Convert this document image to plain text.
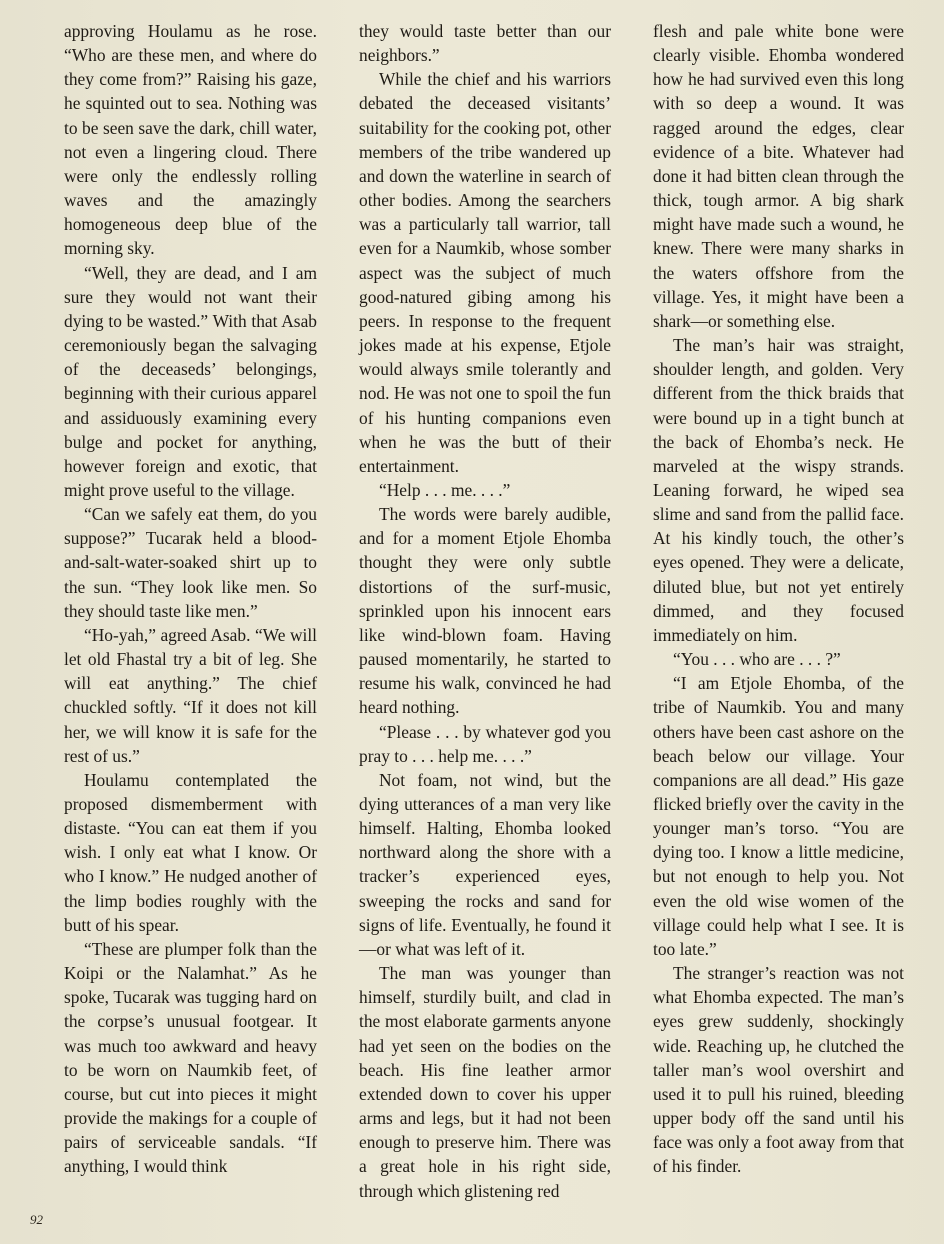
approving Houlamu as he rose. “Who are these men, and where do they come from?” Raising his gaze, he squinted out to sea. Nothing was to be seen save the dark, chill water, not even a lingering cloud. There were only the endlessly rolling waves and the amazingly homogeneous deep blue of the morning sky.

“Well, they are dead, and I am sure they would not want their dying to be wasted.” With that Asab ceremoniously began the salvaging of the deceaseds’ belongings, beginning with their curious apparel and assiduously examining every bulge and pocket for anything, however foreign and exotic, that might prove useful to the village.

“Can we safely eat them, do you suppose?” Tucarak held a blood-and-salt-water-soaked shirt up to the sun. “They look like men. So they should taste like men.”

“Ho-yah,” agreed Asab. “We will let old Fhastal try a bit of leg. She will eat anything.” The chief chuckled softly. “If it does not kill her, we will know it is safe for the rest of us.”

Houlamu contemplated the proposed dismemberment with distaste. “You can eat them if you wish. I only eat what I know. Or who I know.” He nudged another of the limp bodies roughly with the butt of his spear.

“These are plumper folk than the Koipi or the Nalamhat.” As he spoke, Tucarak was tugging hard on the corpse’s unusual footgear. It was much too awkward and heavy to be worn on Naumkib feet, of course, but cut into pieces it might provide the makings for a couple of pairs of serviceable sandals. “If anything, I would think

they would taste better than our neighbors.”

While the chief and his warriors debated the deceased visitants’ suitability for the cooking pot, other members of the tribe wandered up and down the waterline in search of other bodies. Among the searchers was a particularly tall warrior, tall even for a Naumkib, whose somber aspect was the subject of much good-natured gibing among his peers. In response to the frequent jokes made at his expense, Etjole would always smile tolerantly and nod. He was not one to spoil the fun of his hunting companions even when he was the butt of their entertainment.

“Help . . . me. . . .”

The words were barely audible, and for a moment Etjole Ehomba thought they were only subtle distortions of the surf-music, sprinkled upon his innocent ears like wind-blown foam. Having paused momentarily, he started to resume his walk, convinced he had heard nothing.

“Please . . . by whatever god you pray to . . . help me. . . .”

Not foam, not wind, but the dying utterances of a man very like himself. Halting, Ehomba looked northward along the shore with a tracker’s experienced eyes, sweeping the rocks and sand for signs of life. Eventually, he found it—or what was left of it.

The man was younger than himself, sturdily built, and clad in the most elaborate garments anyone had yet seen on the bodies on the beach. His fine leather armor extended down to cover his upper arms and legs, but it had not been enough to preserve him. There was a great hole in his right side, through which glistening red

flesh and pale white bone were clearly visible. Ehomba wondered how he had survived even this long with so deep a wound. It was ragged around the edges, clear evidence of a bite. Whatever had done it had bitten clean through the thick, tough armor. A big shark might have made such a wound, he knew. There were many sharks in the waters offshore from the village. Yes, it might have been a shark—or something else.

The man’s hair was straight, shoulder length, and golden. Very different from the thick braids that were bound up in a tight bunch at the back of Ehomba’s neck. He marveled at the wispy strands. Leaning forward, he wiped sea slime and sand from the pallid face. At his kindly touch, the other’s eyes opened. They were a delicate, diluted blue, but not yet entirely dimmed, and they focused immediately on him.

“You . . . who are . . . ?”

“I am Etjole Ehomba, of the tribe of Naumkib. You and many others have been cast ashore on the beach below our village. Your companions are all dead.” His gaze flicked briefly over the cavity in the younger man’s torso. “You are dying too. I know a little medicine, but not enough to help you. Not even the old wise women of the village could help what I see. It is too late.”

The stranger’s reaction was not what Ehomba expected. The man’s eyes grew suddenly, shockingly wide. Reaching up, he clutched the taller man’s wool overshirt and used it to pull his ruined, bleeding upper body off the sand until his face was only a foot away from that of his finder.

92
